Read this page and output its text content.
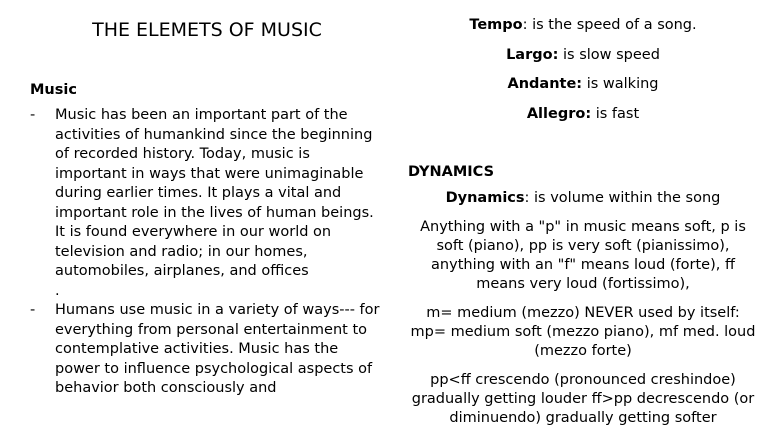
THE ELEMETS OF MUSIC

Music

- Music has been an important part of the activities of humankind since the beginning of recorded history. Today, music is important in ways that were unimaginable during earlier times. It plays a vital and important role in the lives of human beings. It is found everywhere in our world on television and radio; in our homes, automobiles, airplanes, and offices
.
- Humans use music in a variety of ways--- for everything from personal entertainment to contemplative activities. Music has the power to influence psychological aspects of behavior both consciously and

Tempo: is the speed of a song.

Largo: is slow speed

Andante: is walking

Allegro: is fast

DYNAMICS

Dynamics: is volume within the song

Anything with a "p" in music means soft, p is soft (piano), pp is very soft (pianissimo), anything with an "f" means loud (forte), ff means very loud (fortissimo),

m= medium (mezzo) NEVER used by itself: mp= medium soft (mezzo piano), mf med. loud (mezzo forte)

pp<ff crescendo (pronounced creshindoe) gradually getting louder ff>pp decrescendo (or diminuendo) gradually getting softer
